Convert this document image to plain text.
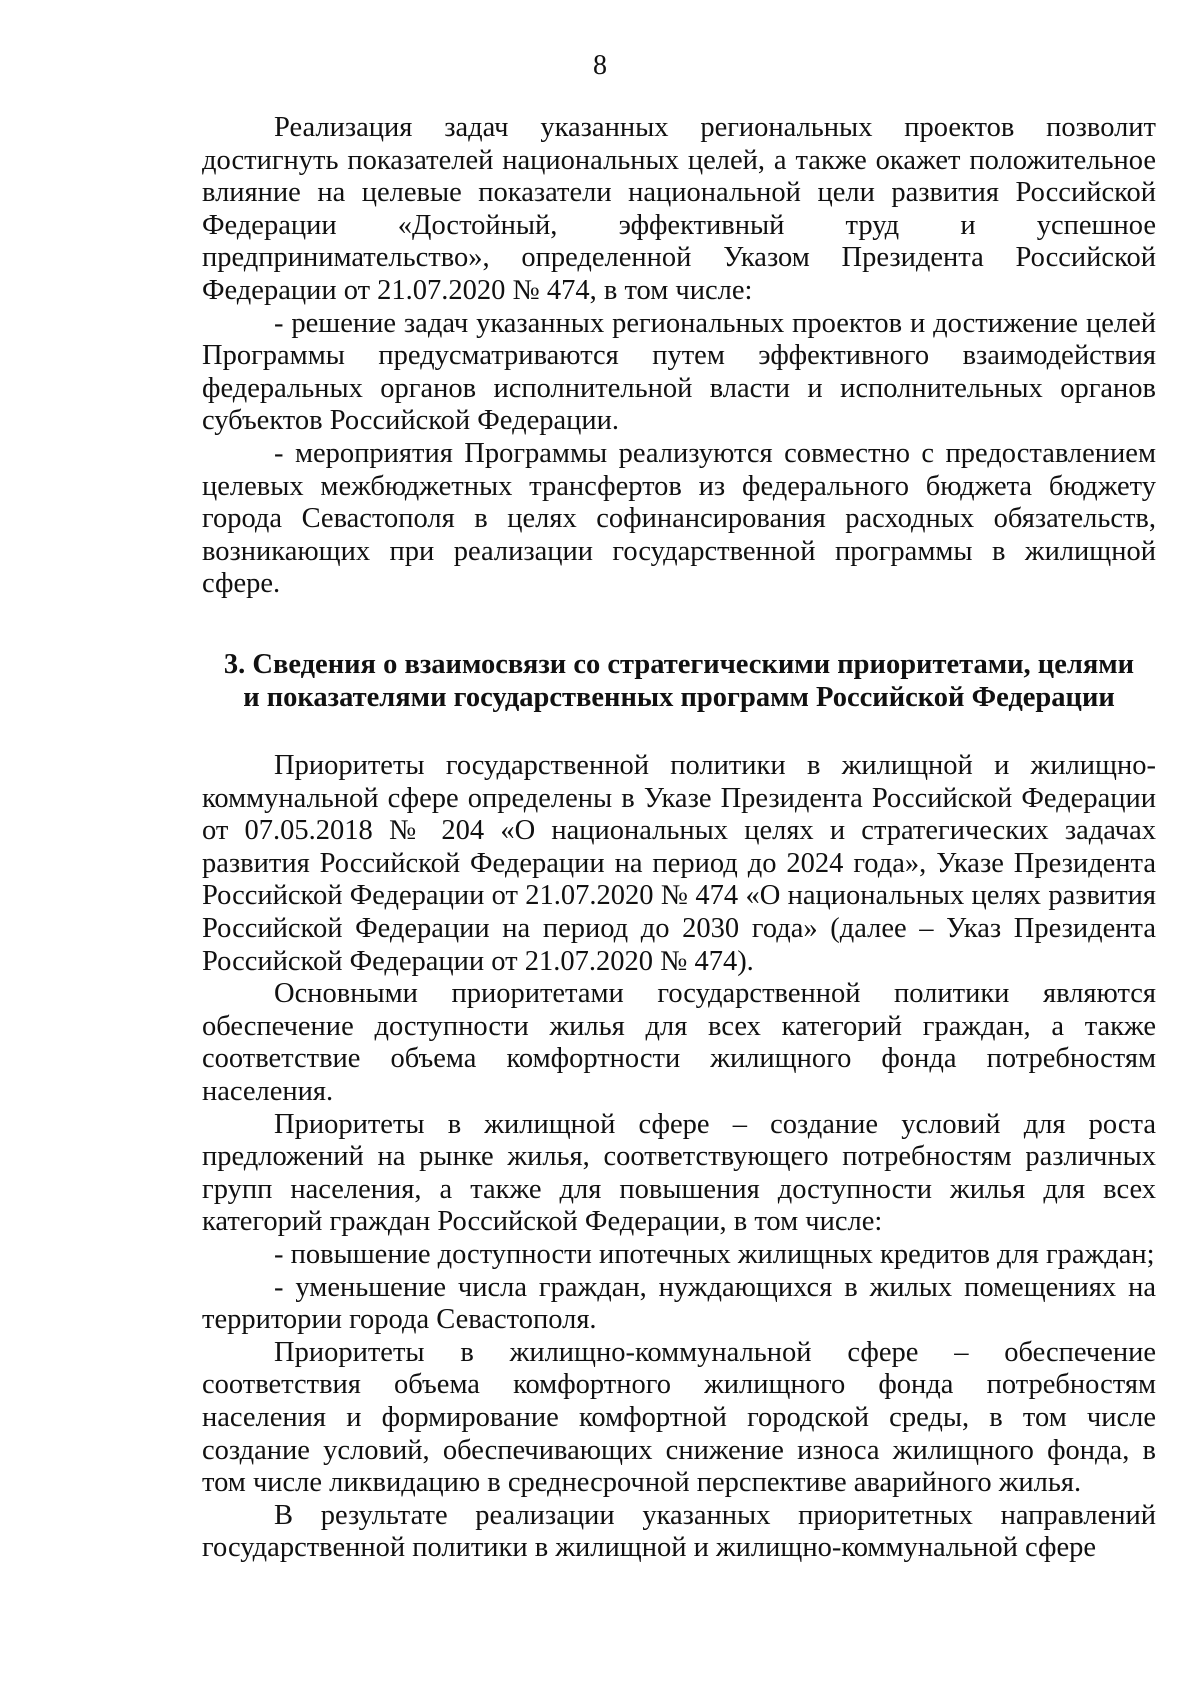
8

Реализация задач указанных региональных проектов позволит достигнуть показателей национальных целей, а также окажет положительное влияние на целевые показатели национальной цели развития Российской Федерации «Достойный, эффективный труд и успешное предпринимательство», определенной Указом Президента Российской Федерации от 21.07.2020 № 474, в том числе:

- решение задач указанных региональных проектов и достижение целей Программы предусматриваются путем эффективного взаимодействия федеральных органов исполнительной власти и исполнительных органов субъектов Российской Федерации.

- мероприятия Программы реализуются совместно с предоставлением целевых межбюджетных трансфертов из федерального бюджета бюджету города Севастополя в целях софинансирования расходных обязательств, возникающих при реализации государственной программы в жилищной сфере.

3. Сведения о взаимосвязи со стратегическими приоритетами, целями
и показателями государственных программ Российской Федерации

Приоритеты государственной политики в жилищной и жилищно-коммунальной сфере определены в Указе Президента Российской Федерации от 07.05.2018 № 204 «О национальных целях и стратегических задачах развития Российской Федерации на период до 2024 года», Указе Президента Российской Федерации от 21.07.2020 № 474 «О национальных целях развития Российской Федерации на период до 2030 года» (далее – Указ Президента Российской Федерации от 21.07.2020 № 474).

Основными приоритетами государственной политики являются обеспечение доступности жилья для всех категорий граждан, а также соответствие объема комфортности жилищного фонда потребностям населения.

Приоритеты в жилищной сфере – создание условий для роста предложений на рынке жилья, соответствующего потребностям различных групп населения, а также для повышения доступности жилья для всех категорий граждан Российской Федерации, в том числе:

- повышение доступности ипотечных жилищных кредитов для граждан;

- уменьшение числа граждан, нуждающихся в жилых помещениях на территории города Севастополя.

Приоритеты в жилищно-коммунальной сфере – обеспечение соответствия объема комфортного жилищного фонда потребностям населения и формирование комфортной городской среды, в том числе создание условий, обеспечивающих снижение износа жилищного фонда, в том числе ликвидацию в среднесрочной перспективе аварийного жилья.

В результате реализации указанных приоритетных направлений государственной политики в жилищной и жилищно-коммунальной сфере
